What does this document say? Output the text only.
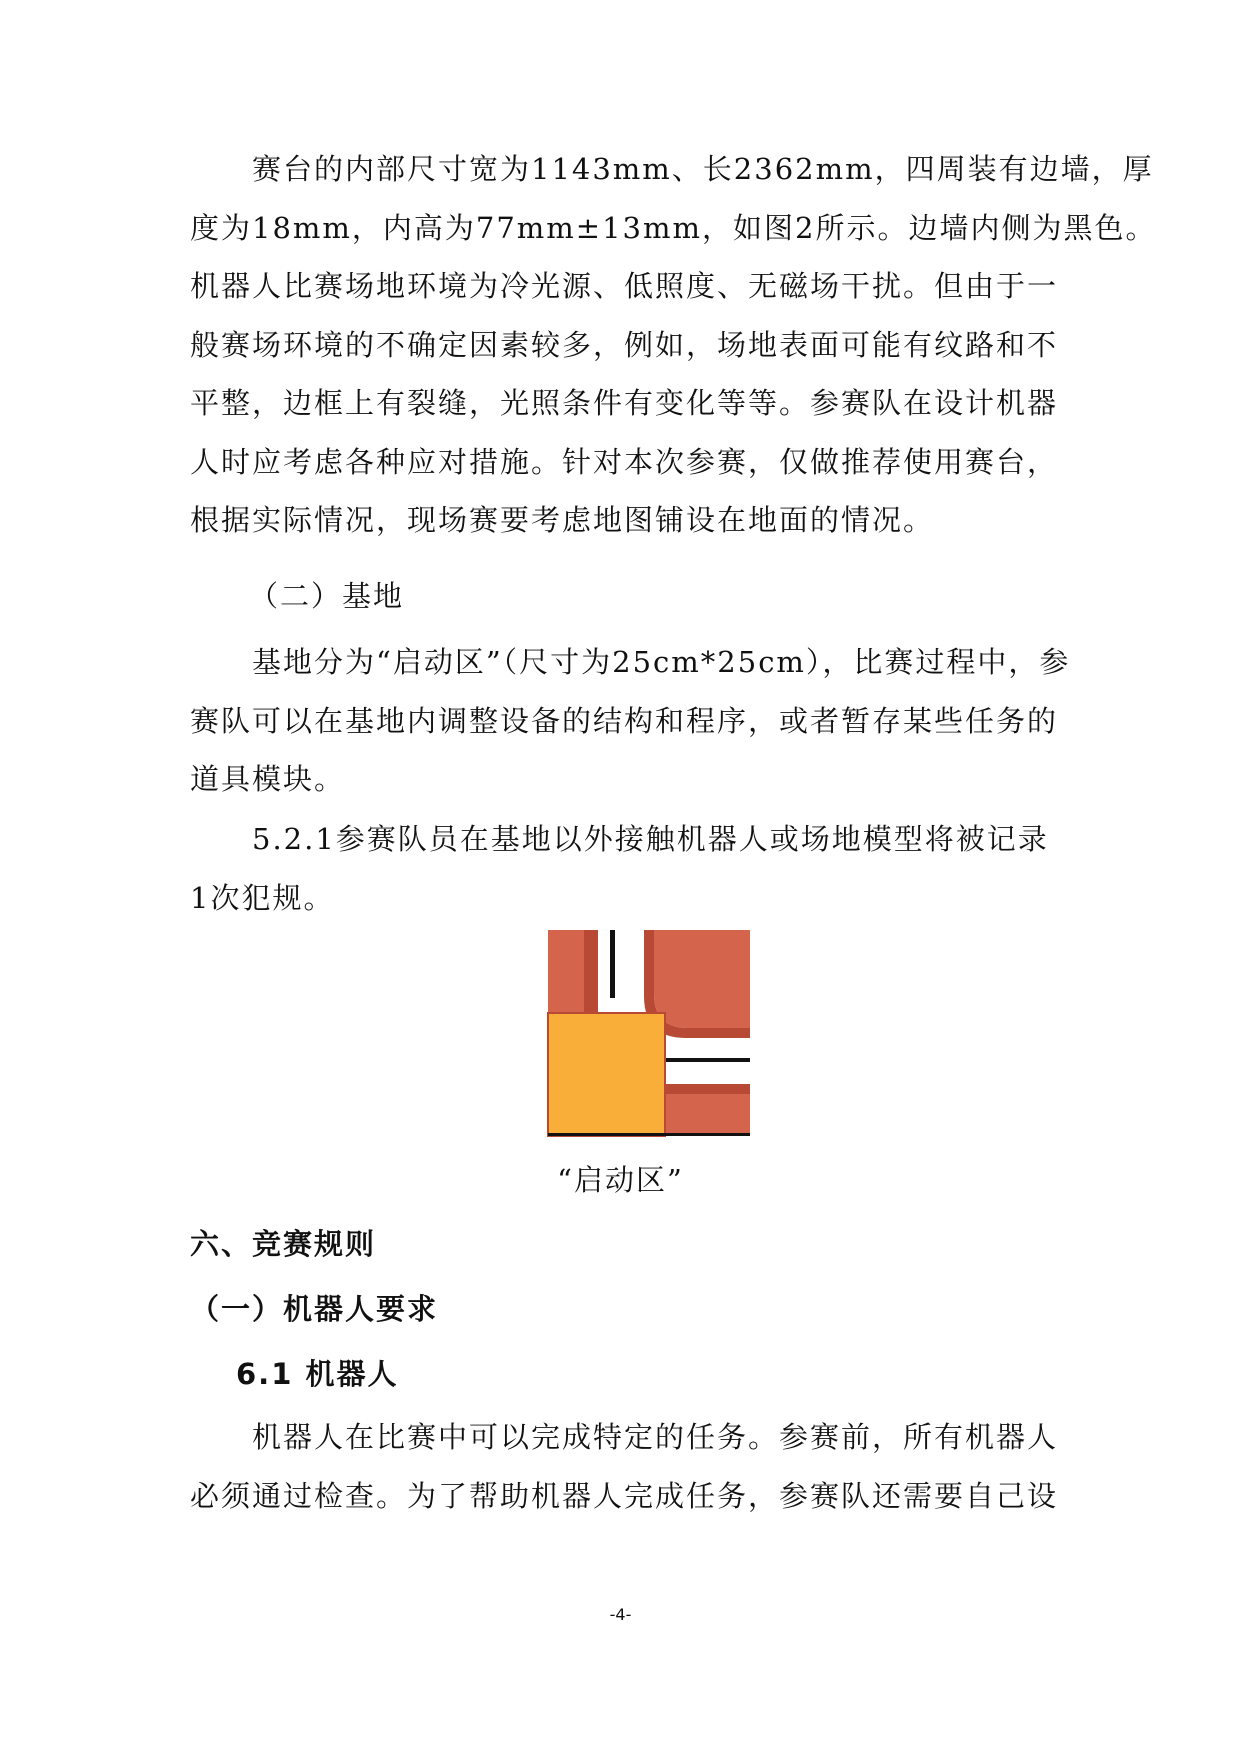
赛台的内部尺寸宽为1143mm、长2362mm，四周装有边墙，厚
度为18mm，内高为77mm±13mm，如图2所示。边墙内侧为黑色。
机器人比赛场地环境为冷光源、低照度、无磁场干扰。但由于一
般赛场环境的不确定因素较多，例如，场地表面可能有纹路和不
平整，边框上有裂缝，光照条件有变化等等。参赛队在设计机器
人时应考虑各种应对措施。针对本次参赛，仅做推荐使用赛台，
根据实际情况，现场赛要考虑地图铺设在地面的情况。
（二）基地
基地分为“启动区”（尺寸为25cm*25cm），比赛过程中，参
赛队可以在基地内调整设备的结构和程序，或者暂存某些任务的
道具模块。
5.2.1参赛队员在基地以外接触机器人或场地模型将被记录
1次犯规。
“启动区”
六、竞赛规则
（一）机器人要求
6.1 机器人
机器人在比赛中可以完成特定的任务。参赛前，所有机器人
必须通过检查。为了帮助机器人完成任务，参赛队还需要自己设
-4-
